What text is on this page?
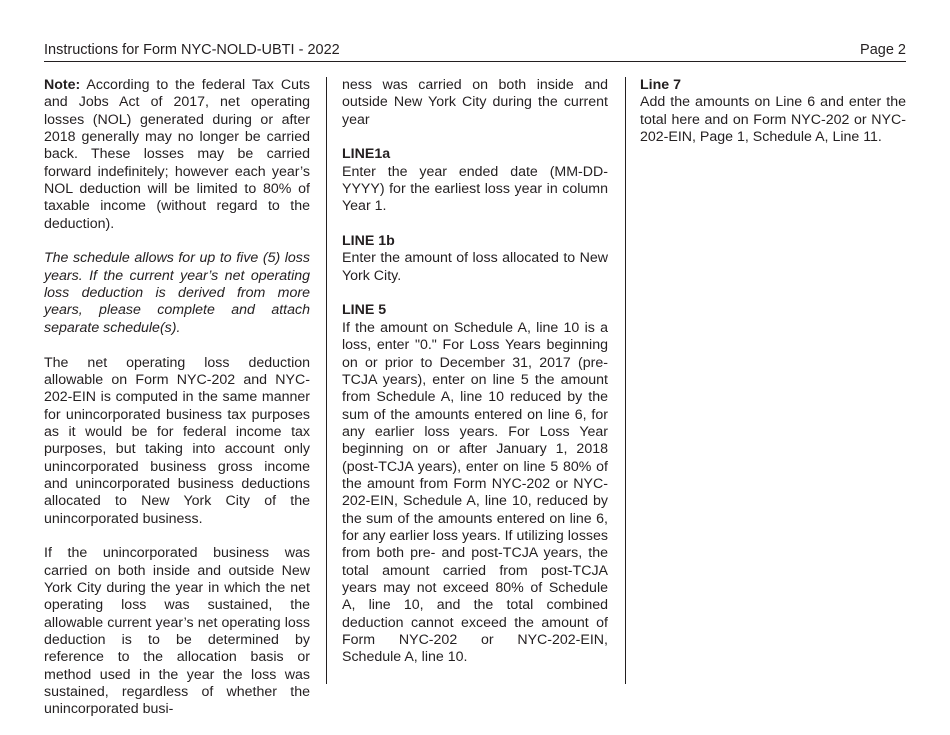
Instructions for Form NYC-NOLD-UBTI - 2022	Page 2

Note: According to the federal Tax Cuts and Jobs Act of 2017, net operating losses (NOL) generated during or after 2018 generally may no longer be carried back. These losses may be carried forward indefinitely; however each year’s NOL deduction will be limited to 80% of taxable income (without regard to the deduction).

The schedule allows for up to five (5) loss years. If the current year’s net operating loss deduction is derived from more years, please complete and attach separate schedule(s).

The net operating loss deduction allowable on Form NYC-202 and NYC-202-EIN is computed in the same manner for unincorporated business tax purposes as it would be for federal income tax purposes, but taking into account only unincorporated business gross income and unincorporated business deductions allocated to New York City of the unincorporated business.

If the unincorporated business was carried on both inside and outside New York City during the year in which the net operating loss was sustained, the allowable current year’s net operating loss deduction is to be determined by reference to the allocation basis or method used in the year the loss was sustained, regardless of whether the unincorporated busi-

ness was carried on both inside and outside New York City during the current year

LINE1a

Enter the year ended date (MM-DD-YYYY) for the earliest loss year in column Year 1.

LINE 1b

Enter the amount of loss allocated to New York City.

LINE 5

If the amount on Schedule A, line 10 is a loss, enter "0." For Loss Years beginning on or prior to December 31, 2017 (pre-TCJA years), enter on line 5 the amount from Schedule A, line 10 reduced by the sum of the amounts entered on line 6, for any earlier loss years. For Loss Year beginning on or after January 1, 2018 (post-TCJA years), enter on line 5 80% of the amount from Form NYC-202 or NYC-202-EIN, Schedule A, line 10, reduced by the sum of the amounts entered on line 6, for any earlier loss years. If utilizing losses from both pre- and post-TCJA years, the total amount carried from post-TCJA years may not exceed 80% of Schedule A, line 10, and the total combined deduction cannot exceed the amount of Form NYC-202 or NYC-202-EIN, Schedule A, line 10.

Line 7

Add the amounts on Line 6 and enter the total here and on Form NYC-202 or NYC-202-EIN, Page 1, Schedule A, Line 11.
